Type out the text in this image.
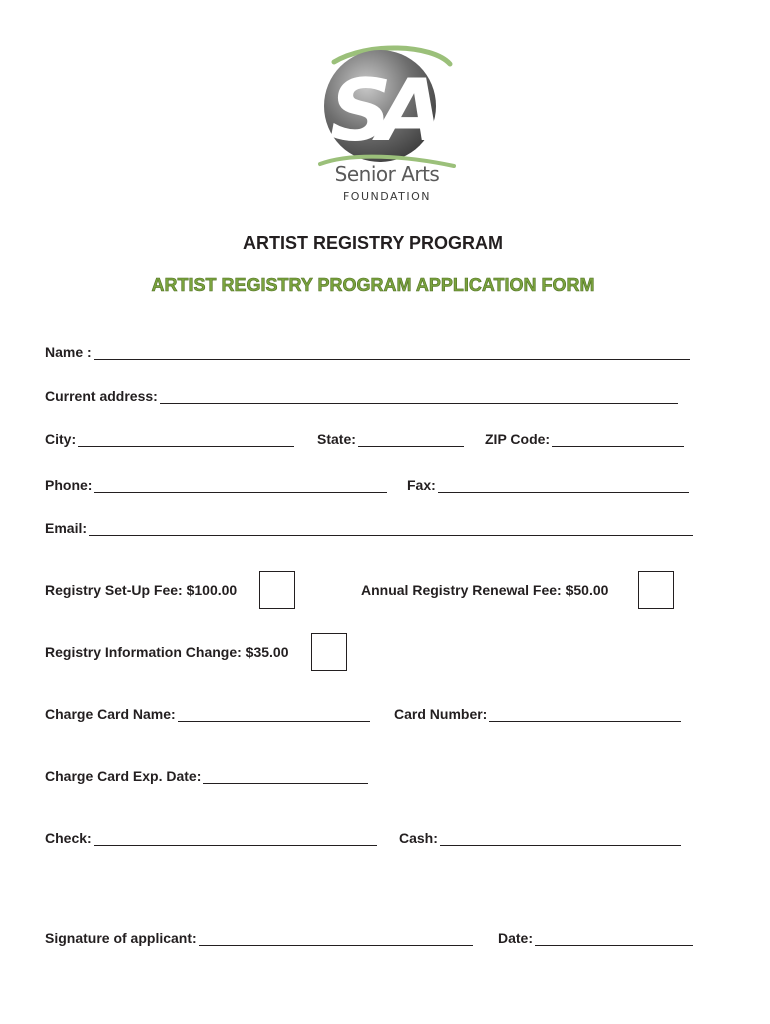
SA
Senior Arts
FOUNDATION
ARTIST REGISTRY PROGRAM
ARTIST REGISTRY PROGRAM APPLICATION FORM
Name :
Current address:
City:	State:	ZIP Code:
Phone:	Fax:
Email:
Registry Set-Up Fee: $100.00	Annual Registry Renewal Fee: $50.00
Registry Information Change: $35.00
Charge Card Name:	Card Number:
Charge Card Exp. Date:
Check:	Cash:
Signature of applicant:	Date:
